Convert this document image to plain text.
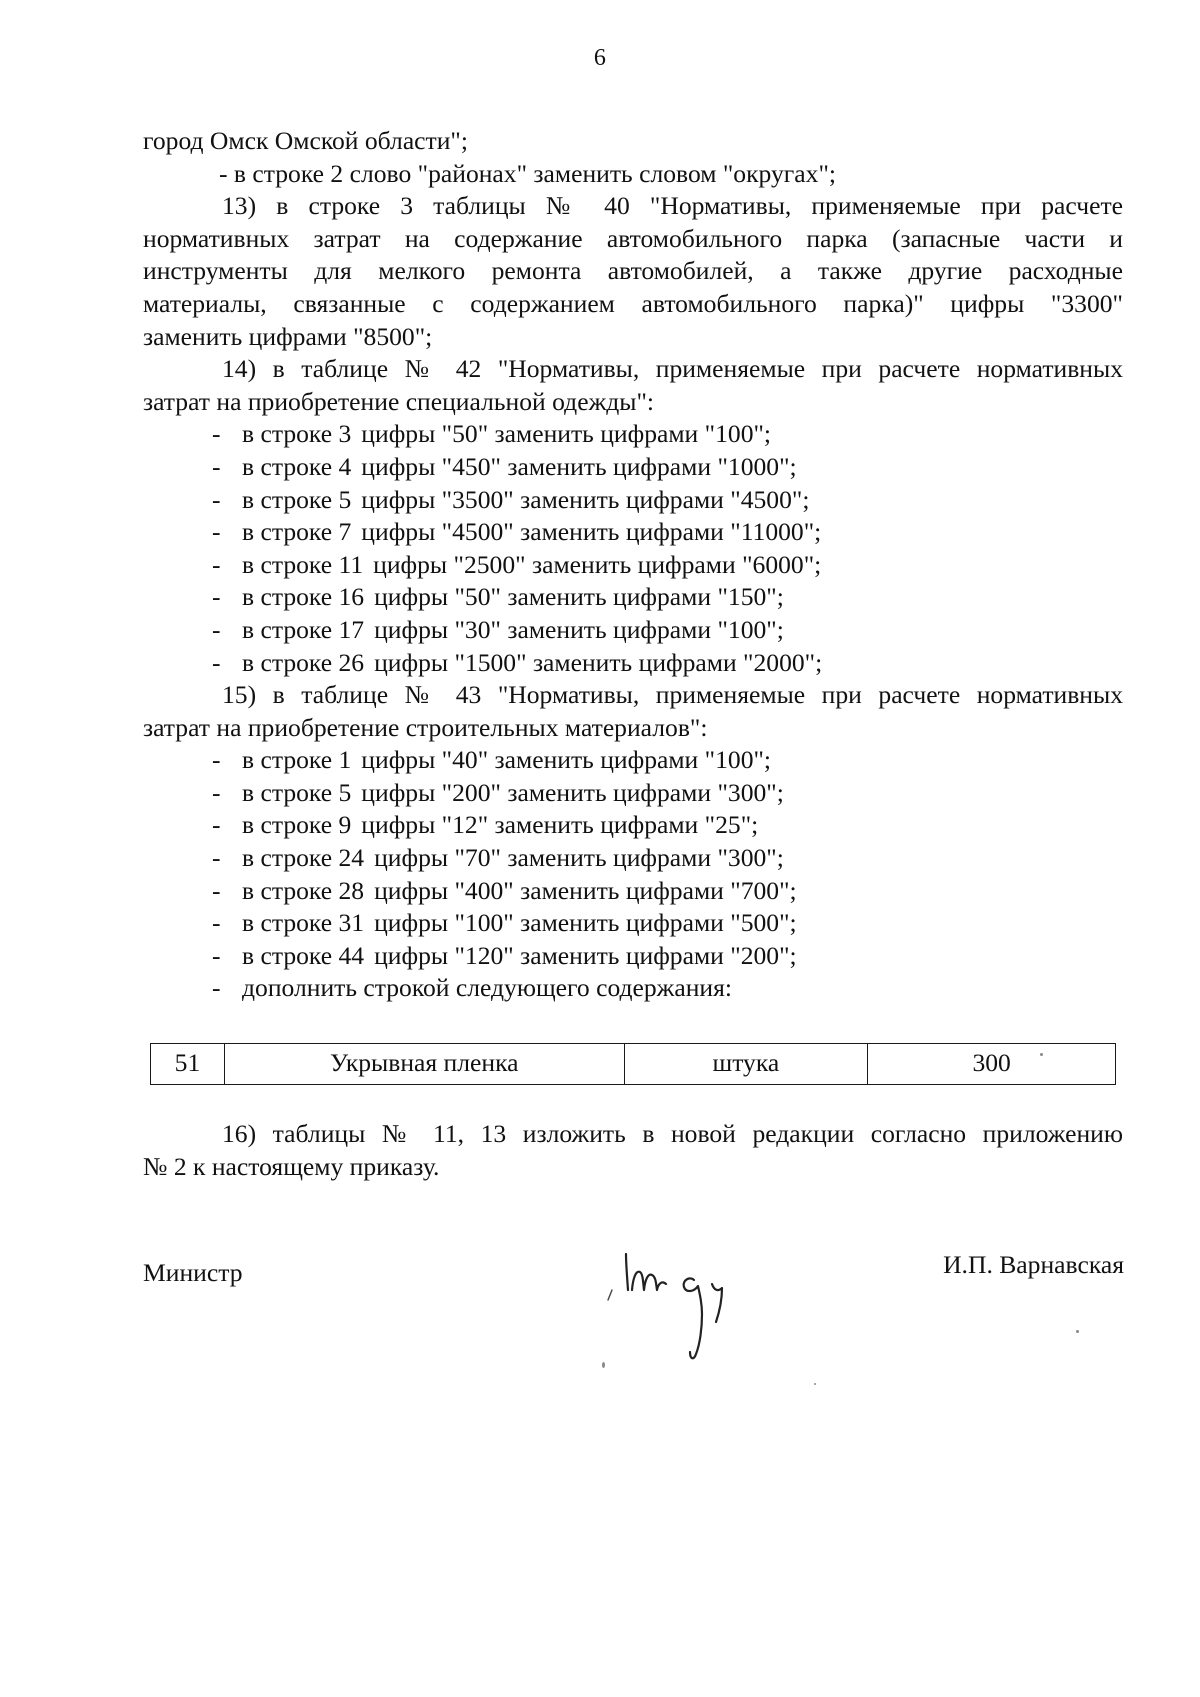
6
город Омск Омской области";
- в строке 2 слово "районах" заменить словом "округах";
13) в строке 3 таблицы № 40 "Нормативы, применяемые при расчете
нормативных затрат на содержание автомобильного парка (запасные части и
инструменты для мелкого ремонта автомобилей, а также другие расходные
материалы, связанные с содержанием автомобильного парка)" цифры "3300"
заменить цифрами "8500";
14) в таблице № 42 "Нормативы, применяемые при расчете нормативных
затрат на приобретение специальной одежды":
- в строке 3 цифры "50" заменить цифрами "100";
- в строке 4 цифры "450" заменить цифрами "1000";
- в строке 5 цифры "3500" заменить цифрами "4500";
- в строке 7 цифры "4500" заменить цифрами "11000";
- в строке 11 цифры "2500" заменить цифрами "6000";
- в строке 16 цифры "50" заменить цифрами "150";
- в строке 17 цифры "30" заменить цифрами "100";
- в строке 26 цифры "1500" заменить цифрами "2000";
15) в таблице № 43 "Нормативы, применяемые при расчете нормативных
затрат на приобретение строительных материалов":
- в строке 1 цифры "40" заменить цифрами "100";
- в строке 5 цифры "200" заменить цифрами "300";
- в строке 9 цифры "12" заменить цифрами "25";
- в строке 24 цифры "70" заменить цифрами "300";
- в строке 28 цифры "400" заменить цифрами "700";
- в строке 31 цифры "100" заменить цифрами "500";
- в строке 44 цифры "120" заменить цифрами "200";
- дополнить строкой следующего содержания:
51	Укрывная пленка	штука	300
16) таблицы № 11, 13 изложить в новой редакции согласно приложению
№ 2 к настоящему приказу.
Министр	И.П. Варнавская
